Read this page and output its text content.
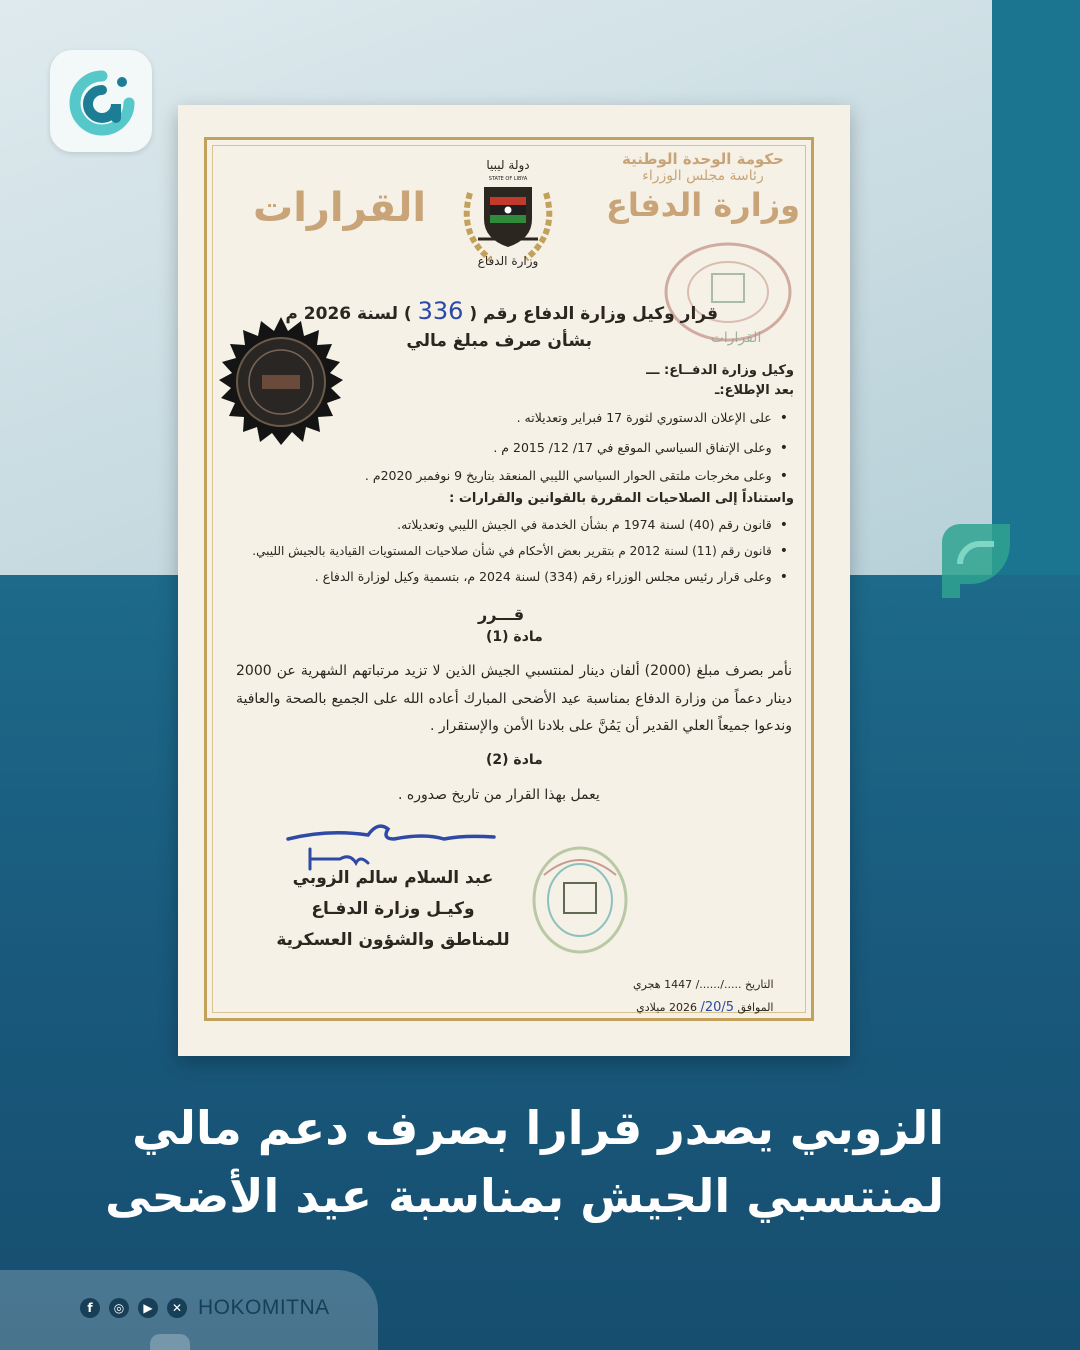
حكومة الوحدة الوطنية
رئاسة مجلس الوزراء
وزارة الدفاع
القرارات
دولة ليبيا
STATE OF LIBYA
وزارة الدفاع
القرارات
قرار وكيل وزارة الدفاع رقم ( 336 ) لسنة 2026 م
بشأن صرف مبلغ مالي
وكيل وزارة الدفــاع: ـــ
بعد الإطلاع:ـ
• على الإعلان الدستوري لثورة 17 فبراير وتعديلاته .
• وعلى الإتفاق السياسي الموقع في 17/ 12/ 2015 م .
• وعلى مخرجات ملتقى الحوار السياسي الليبي المنعقد بتاريخ 9 نوفمبر 2020م .
واستناداً إلى الصلاحيات المقررة بالقوانين والقرارات :
• قانون رقم (40) لسنة 1974 م بشأن الخدمة في الجيش الليبي وتعديلاته.
• قانون رقم (11) لسنة 2012 م بتقرير بعض الأحكام في شأن صلاحيات المستويات القيادية بالجيش الليبي.
• وعلى قرار رئيس مجلس الوزراء رقم (334) لسنة 2024 م، بتسمية وكيل لوزارة الدفاع .
قـــرر
مادة (1)
نأمر بصرف مبلغ (2000) ألفان دينار لمنتسبي الجيش الذين لا تزيد مرتباتهم الشهرية عن 2000 دينار دعماً من وزارة الدفاع بمناسبة عيد الأضحى المبارك أعاده الله على الجميع بالصحة والعافية وندعوا جميعاً العلي القدير أن يَمُنَّ على بلادنا الأمن والإستقرار .
مادة (2)
يعمل بهذا القرار من تاريخ صدوره .
عبد السلام سالم الزوبي
وكيـل وزارة الدفـاع
للمناطق والشؤون العسكرية
التاريخ ...../....../ 1447 هجري
الموافق 20/5/ 2026 ميلادي
الزوبي يصدر قرارا بصرف دعم مالي
لمنتسبي الجيش بمناسبة عيد الأضحى
f	◎	▶	✕ HOKOMITNA
